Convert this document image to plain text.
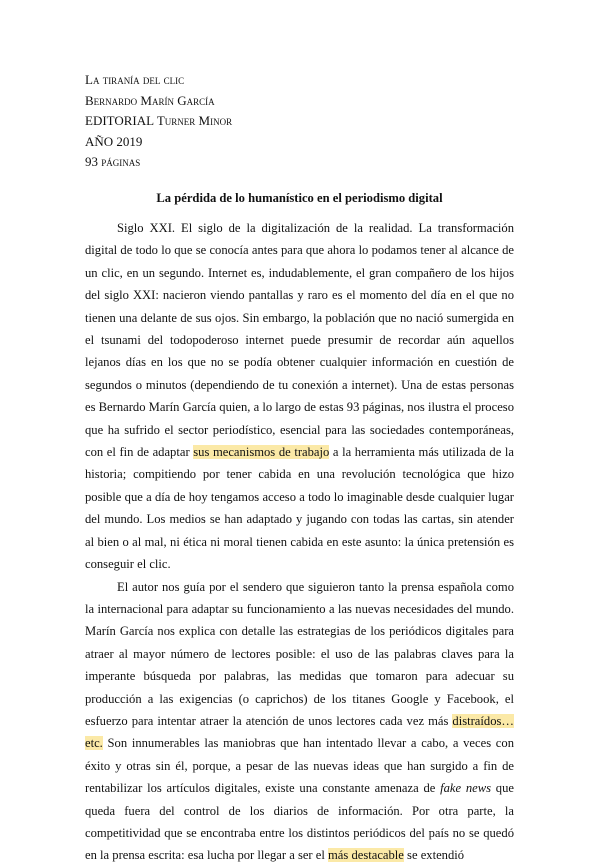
La tiranía del clic
Bernardo Marín García
EDITORIAL Turner Minor
AÑO 2019
93 páginas
La pérdida de lo humanístico en el periodismo digital

Siglo XXI. El siglo de la digitalización de la realidad. La transformación digital de todo lo que se conocía antes para que ahora lo podamos tener al alcance de un clic, en un segundo. Internet es, indudablemente, el gran compañero de los hijos del siglo XXI: nacieron viendo pantallas y raro es el momento del día en el que no tienen una delante de sus ojos. Sin embargo, la población que no nació sumergida en el tsunami del todopoderoso internet puede presumir de recordar aún aquellos lejanos días en los que no se podía obtener cualquier información en cuestión de segundos o minutos (dependiendo de tu conexión a internet). Una de estas personas es Bernardo Marín García quien, a lo largo de estas 93 páginas, nos ilustra el proceso que ha sufrido el sector periodístico, esencial para las sociedades contemporáneas, con el fin de adaptar sus mecanismos de trabajo a la herramienta más utilizada de la historia; compitiendo por tener cabida en una revolución tecnológica que hizo posible que a día de hoy tengamos acceso a todo lo imaginable desde cualquier lugar del mundo. Los medios se han adaptado y jugando con todas las cartas, sin atender al bien o al mal, ni ética ni moral tienen cabida en este asunto: la única pretensión es conseguir el clic.

El autor nos guía por el sendero que siguieron tanto la prensa española como la internacional para adaptar su funcionamiento a las nuevas necesidades del mundo. Marín García nos explica con detalle las estrategias de los periódicos digitales para atraer al mayor número de lectores posible: el uso de las palabras claves para la imperante búsqueda por palabras, las medidas que tomaron para adecuar su producción a las exigencias (o caprichos) de los titanes Google y Facebook, el esfuerzo para intentar atraer la atención de unos lectores cada vez más distraídos… etc. Son innumerables las maniobras que han intentado llevar a cabo, a veces con éxito y otras sin él, porque, a pesar de las nuevas ideas que han surgido a fin de rentabilizar los artículos digitales, existe una constante amenaza de fake news que queda fuera del control de los diarios de información. Por otra parte, la competitividad que se encontraba entre los distintos periódicos del país no se quedó en la prensa escrita: esa lucha por llegar a ser el más destacable se extendió
